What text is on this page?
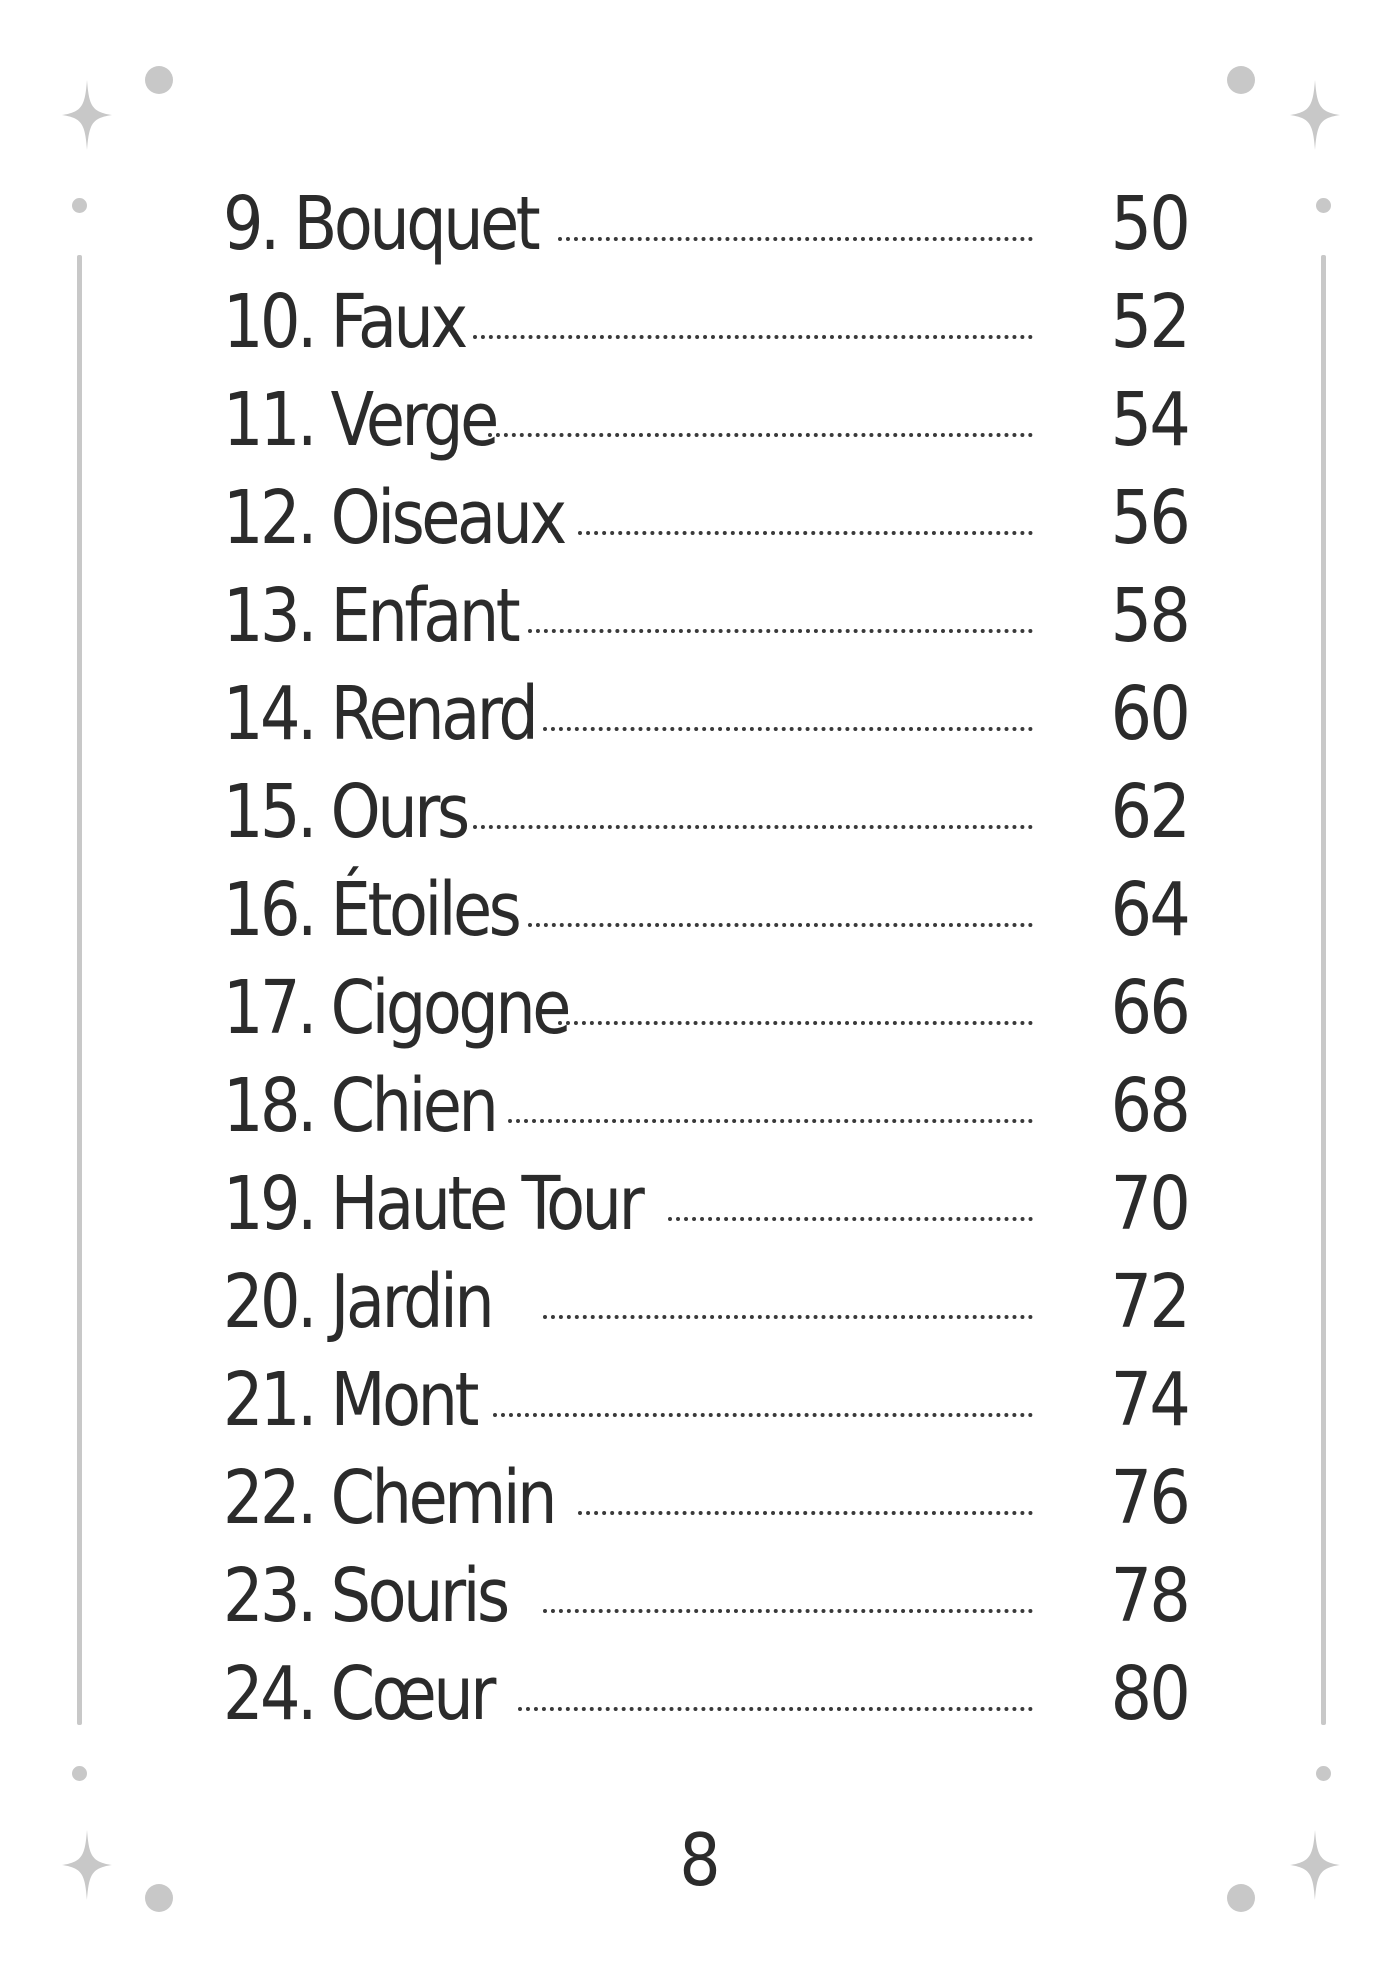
9. Bouquet	50
10. Faux	52
11. Verge	54
12. Oiseaux	56
13. Enfant	58
14. Renard	60
15. Ours	62
16. Étoiles	64
17. Cigogne	66
18. Chien	68
19. Haute Tour	70
20. Jardin	72
21. Mont	74
22. Chemin	76
23. Souris	78
24. Cœur	80
8
